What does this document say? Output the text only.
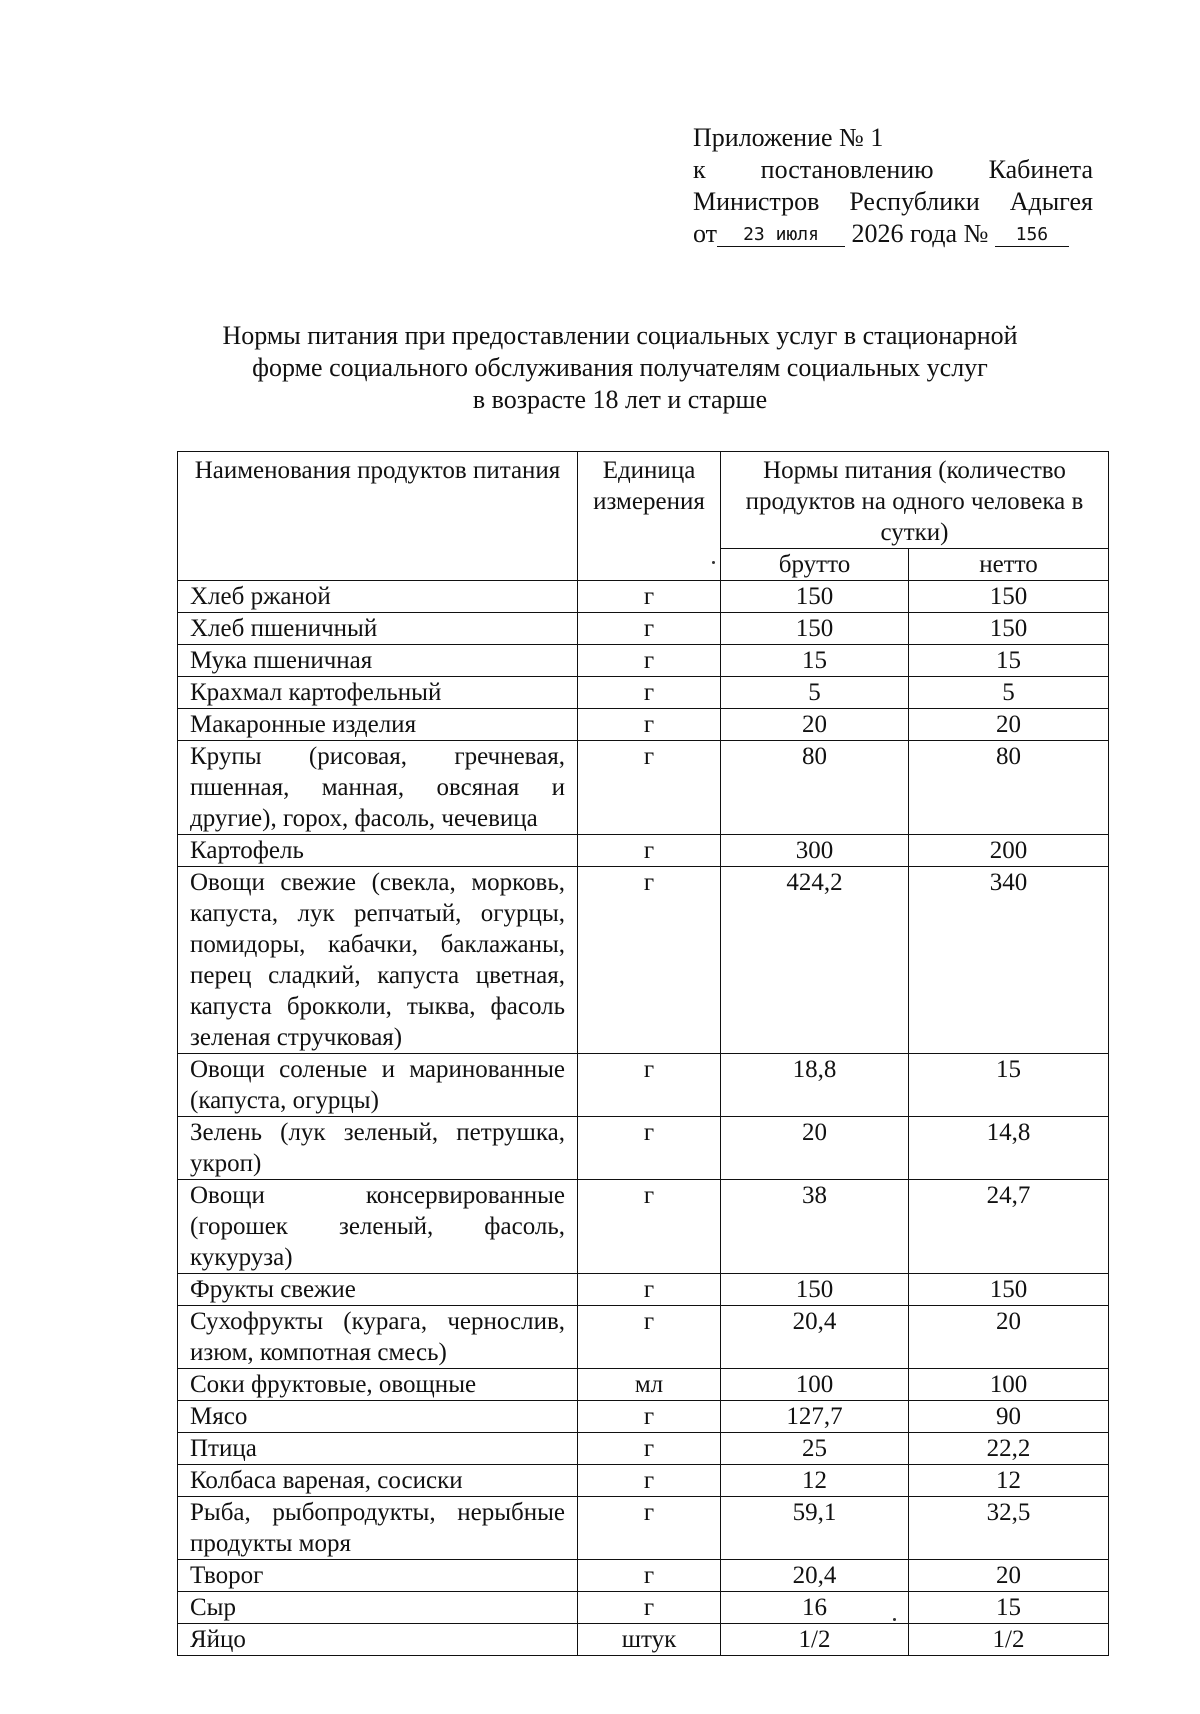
Приложение № 1
к постановлению Кабинета
Министров Республики Адыгея
от 23 июля 2026 года № 156
Нормы питания при предоставлении социальных услуг в стационарной
форме социального обслуживания получателям социальных услуг
в возрасте 18 лет и старше
Наименования продуктов питания	Единица измерения	Нормы питания (количество продуктов на одного человека в сутки)	
		брутто	нетто
Хлеб ржаной	г	150	150
Хлеб пшеничный	г	150	150
Мука пшеничная	г	15	15
Крахмал картофельный	г	5	5
Макаронные изделия	г	20	20
Крупы (рисовая, гречневая, пшенная, манная, овсяная и другие), горох, фасоль, чечевица	г	80	80
Картофель	г	300	200
Овощи свежие (свекла, морковь, капуста, лук репчатый, огурцы, помидоры, кабачки, баклажаны, перец сладкий, капуста цветная, капуста брокколи, тыква, фасоль зеленая стручковая)	г	424,2	340
Овощи соленые и маринованные (капуста, огурцы)	г	18,8	15
Зелень (лук зеленый, петрушка, укроп)	г	20	14,8
Овощи консервированные (горошек зеленый, фасоль, кукуруза)	г	38	24,7
Фрукты свежие	г	150	150
Сухофрукты (курага, чернослив, изюм, компотная смесь)	г	20,4	20
Соки фруктовые, овощные	мл	100	100
Мясо	г	127,7	90
Птица	г	25	22,2
Колбаса вареная, сосиски	г	12	12
Рыба, рыбопродукты, нерыбные продукты моря	г	59,1	32,5
Творог	г	20,4	20
Сыр	г	16	15
Яйцо	штук	1/2	1/2
